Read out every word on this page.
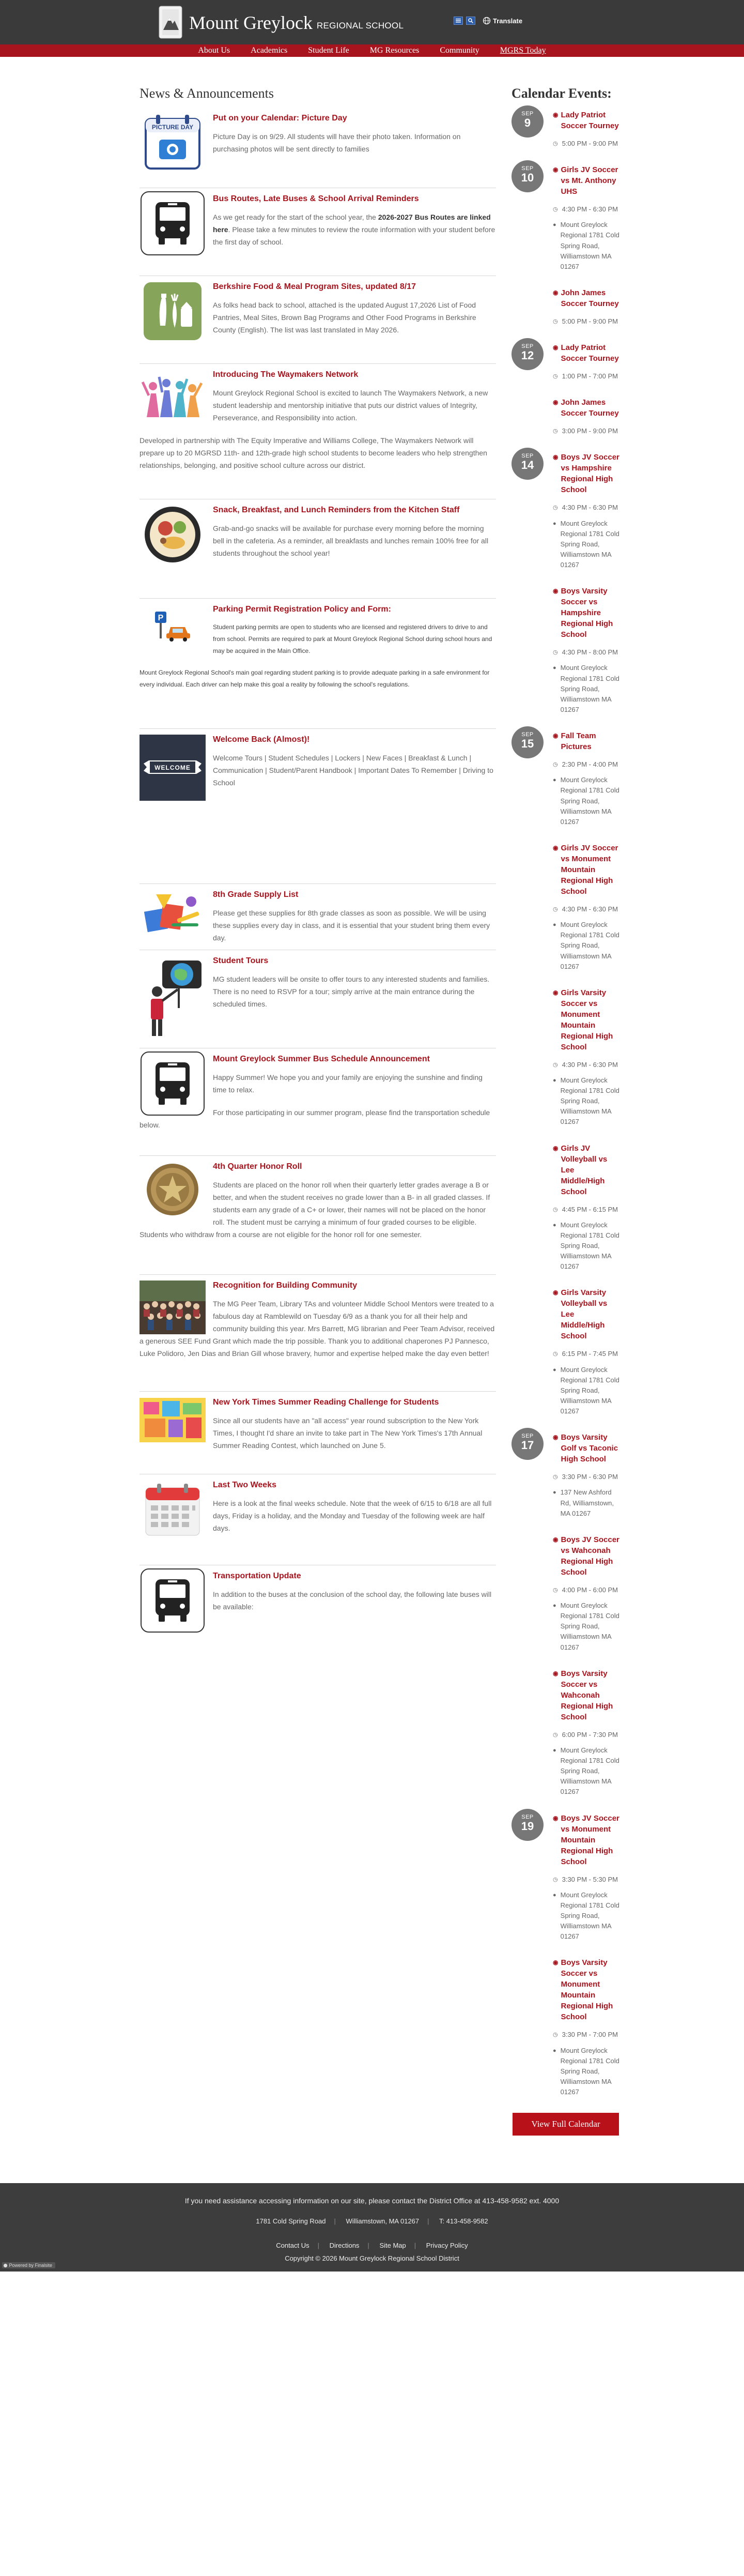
Mount Greylock REGIONAL SCHOOL	Translate
About Us	Academics	Student Life	MG Resources	Community	MGRS Today
News & Announcements
PICTURE DAY
Put on your Calendar: Picture Day

Picture Day is on 9/29. All students will have their photo taken. Information on purchasing photos will be sent directly to families

Bus Routes, Late Buses & School Arrival Reminders

As we get ready for the start of the school year, the 2026-2027 Bus Routes are linked here. Please take a few minutes to review the route information with your student before the first day of school.

Berkshire Food & Meal Program Sites, updated 8/17

As folks head back to school, attached is the updated August 17,2026 List of Food Pantries, Meal Sites, Brown Bag Programs and Other Food Programs in Berkshire County (English). The list was last translated in May 2026.

Introducing The Waymakers Network

Mount Greylock Regional School is excited to launch The Waymakers Network, a new student leadership and mentorship initiative that puts our district values of Integrity, Perseverance, and Responsibility into action.

Developed in partnership with The Equity Imperative and Williams College, The Waymakers Network will prepare up to 20 MGRSD 11th- and 12th-grade high school students to become leaders who help strengthen relationships, belonging, and positive school culture across our district.

Snack, Breakfast, and Lunch Reminders from the Kitchen Staff

Grab-and-go snacks will be available for purchase every morning before the morning bell in the cafeteria. As a reminder, all breakfasts and lunches remain 100% free for all students throughout the school year!

P
Parking Permit Registration Policy and Form:

Student parking permits are open to students who are licensed and registered drivers to drive to and from school. Permits are required to park at Mount Greylock Regional School during school hours and may be acquired in the Main Office.

Mount Greylock Regional School's main goal regarding student parking is to provide adequate parking in a safe environment for every individual. Each driver can help make this goal a reality by following the school's regulations.

WELCOME
Welcome Back (Almost)!

Welcome Tours | Student Schedules | Lockers | New Faces | Breakfast & Lunch | Communication | Student/Parent Handbook | Important Dates To Remember | Driving to School

8th Grade Supply List

Please get these supplies for 8th grade classes as soon as possible. We will be using these supplies every day in class, and it is essential that your student bring them every day.

Student Tours

MG student leaders will be onsite to offer tours to any interested students and families. There is no need to RSVP for a tour; simply arrive at the main entrance during the scheduled times.

Mount Greylock Summer Bus Schedule Announcement

Happy Summer! We hope you and your family are enjoying the sunshine and finding time to relax.

For those participating in our summer program, please find the transportation schedule below.

4th Quarter Honor Roll

Students are placed on the honor roll when their quarterly letter grades average a B or better, and when the student receives no grade lower than a B- in all graded classes. If students earn any grade of a C+ or lower, their names will not be placed on the honor roll. The student must be carrying a minimum of four graded courses to be eligible. Students who withdraw from a course are not eligible for the honor roll for one semester.

Recognition for Building Community

The MG Peer Team, Library TAs and volunteer Middle School Mentors were treated to a fabulous day at Ramblewild on Tuesday 6/9 as a thank you for all their help and community building this year. Mrs Barrett, MG librarian and Peer Team Advisor, received a generous SEE Fund Grant which made the trip possible. Thank you to additional chaperones PJ Pannesco, Luke Polidoro, Jen Dias and Brian Gill whose bravery, humor and expertise helped make the day even better!

New York Times Summer Reading Challenge for Students

Since all our students have an "all access" year round subscription to the New York Times, I thought I'd share an invite to take part in The New York Times's 17th Annual Summer Reading Contest, which launched on June 5.

Last Two Weeks

Here is a look at the final weeks schedule. Note that the week of 6/15 to 6/18 are all full days, Friday is a holiday, and the Monday and Tuesday of the following week are half days.

Transportation Update

In addition to the buses at the conclusion of the school day, the following late buses will be available:

Calendar Events:
SEP
9
◉ Lady Patriot Soccer Tourney
◷ 5:00 PM - 9:00 PM
SEP
10
◉ Girls JV Soccer vs Mt. Anthony UHS
◷ 4:30 PM - 6:30 PM
● Mount Greylock Regional 1781 Cold Spring Road, Williamstown MA 01267
◉ John James Soccer Tourney
◷ 5:00 PM - 9:00 PM
SEP
12
◉ Lady Patriot Soccer Tourney
◷ 1:00 PM - 7:00 PM
◉ John James Soccer Tourney
◷ 3:00 PM - 9:00 PM
SEP
14
◉ Boys JV Soccer vs Hampshire Regional High School
◷ 4:30 PM - 6:30 PM
● Mount Greylock Regional 1781 Cold Spring Road, Williamstown MA 01267
◉ Boys Varsity Soccer vs Hampshire Regional High School
◷ 4:30 PM - 8:00 PM
● Mount Greylock Regional 1781 Cold Spring Road, Williamstown MA 01267
SEP
15
◉ Fall Team Pictures
◷ 2:30 PM - 4:00 PM
● Mount Greylock Regional 1781 Cold Spring Road, Williamstown MA 01267
◉ Girls JV Soccer vs Monument Mountain Regional High School
◷ 4:30 PM - 6:30 PM
● Mount Greylock Regional 1781 Cold Spring Road, Williamstown MA 01267
◉ Girls Varsity Soccer vs Monument Mountain Regional High School
◷ 4:30 PM - 6:30 PM
● Mount Greylock Regional 1781 Cold Spring Road, Williamstown MA 01267
◉ Girls JV Volleyball vs Lee Middle/High School
◷ 4:45 PM - 6:15 PM
● Mount Greylock Regional 1781 Cold Spring Road, Williamstown MA 01267
◉ Girls Varsity Volleyball vs Lee Middle/High School
◷ 6:15 PM - 7:45 PM
● Mount Greylock Regional 1781 Cold Spring Road, Williamstown MA 01267
SEP
17
◉ Boys Varsity Golf vs Taconic High School
◷ 3:30 PM - 6:30 PM
● 137 New Ashford Rd, Williamstown, MA 01267
◉ Boys JV Soccer vs Wahconah Regional High School
◷ 4:00 PM - 6:00 PM
● Mount Greylock Regional 1781 Cold Spring Road, Williamstown MA 01267
◉ Boys Varsity Soccer vs Wahconah Regional High School
◷ 6:00 PM - 7:30 PM
● Mount Greylock Regional 1781 Cold Spring Road, Williamstown MA 01267
SEP
19
◉ Boys JV Soccer vs Monument Mountain Regional High School
◷ 3:30 PM - 5:30 PM
● Mount Greylock Regional 1781 Cold Spring Road, Williamstown MA 01267
◉ Boys Varsity Soccer vs Monument Mountain Regional High School
◷ 3:30 PM - 7:00 PM
● Mount Greylock Regional 1781 Cold Spring Road, Williamstown MA 01267
View Full Calendar

If you need assistance accessing information on our site, please contact the District Office at 413-458-9582 ext. 4000

1781 Cold Spring Road | Williamstown, MA 01267 | T: 413-458-9582

Contact Us | Directions | Site Map | Privacy Policy

Copyright © 2026 Mount Greylock Regional School District

Powered by Finalsite
